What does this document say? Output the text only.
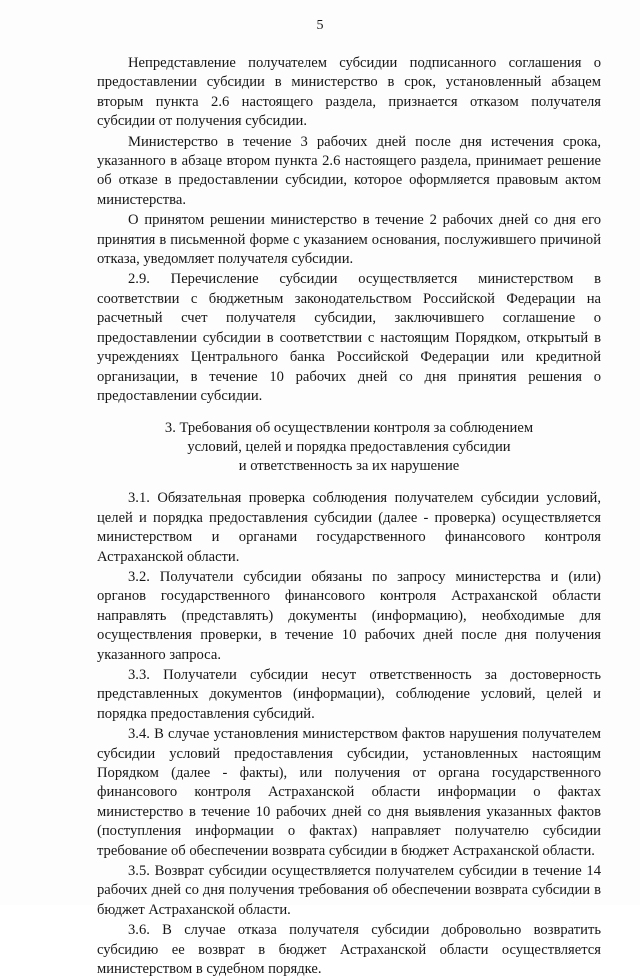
5

Непредставление получателем субсидии подписанного соглашения о предоставлении субсидии в министерство в срок, установленный абзацем вторым пункта 2.6 настоящего раздела, признается отказом получателя субсидии от получения субсидии.

Министерство в течение 3 рабочих дней после дня истечения срока, указанного в абзаце втором пункта 2.6 настоящего раздела, принимает решение об отказе в предоставлении субсидии, которое оформляется правовым актом министерства.

О принятом решении министерство в течение 2 рабочих дней со дня его принятия в письменной форме с указанием основания, послужившего причиной отказа, уведомляет получателя субсидии.

2.9. Перечисление субсидии осуществляется министерством в соответствии с бюджетным законодательством Российской Федерации на расчетный счет получателя субсидии, заключившего соглашение о предоставлении субсидии в соответствии с настоящим Порядком, открытый в учреждениях Центрального банка Российской Федерации или кредитной организации, в течение 10 рабочих дней со дня принятия решения о предоставлении субсидии.

3. Требования об осуществлении контроля за соблюдением
условий, целей и порядка предоставления субсидии
и ответственность за их нарушение

3.1. Обязательная проверка соблюдения получателем субсидии условий, целей и порядка предоставления субсидии (далее - проверка) осуществляется министерством и органами государственного финансового контроля Астраханской области.

3.2. Получатели субсидии обязаны по запросу министерства и (или) органов государственного финансового контроля Астраханской области направлять (представлять) документы (информацию), необходимые для осуществления проверки, в течение 10 рабочих дней после дня получения указанного запроса.

3.3. Получатели субсидии несут ответственность за достоверность представленных документов (информации), соблюдение условий, целей и порядка предоставления субсидий.

3.4. В случае установления министерством фактов нарушения получателем субсидии условий предоставления субсидии, установленных настоящим Порядком (далее - факты), или получения от органа государственного финансового контроля Астраханской области информации о фактах министерство в течение 10 рабочих дней со дня выявления указанных фактов (поступления информации о фактах) направляет получателю субсидии требование об обеспечении возврата субсидии в бюджет Астраханской области.

3.5. Возврат субсидии осуществляется получателем субсидии в течение 14 рабочих дней со дня получения требования об обеспечении возврата субсидии в бюджет Астраханской области.

3.6. В случае отказа получателя субсидии добровольно возвратить субсидию ее возврат в бюджет Астраханской области осуществляется министерством в судебном порядке.
